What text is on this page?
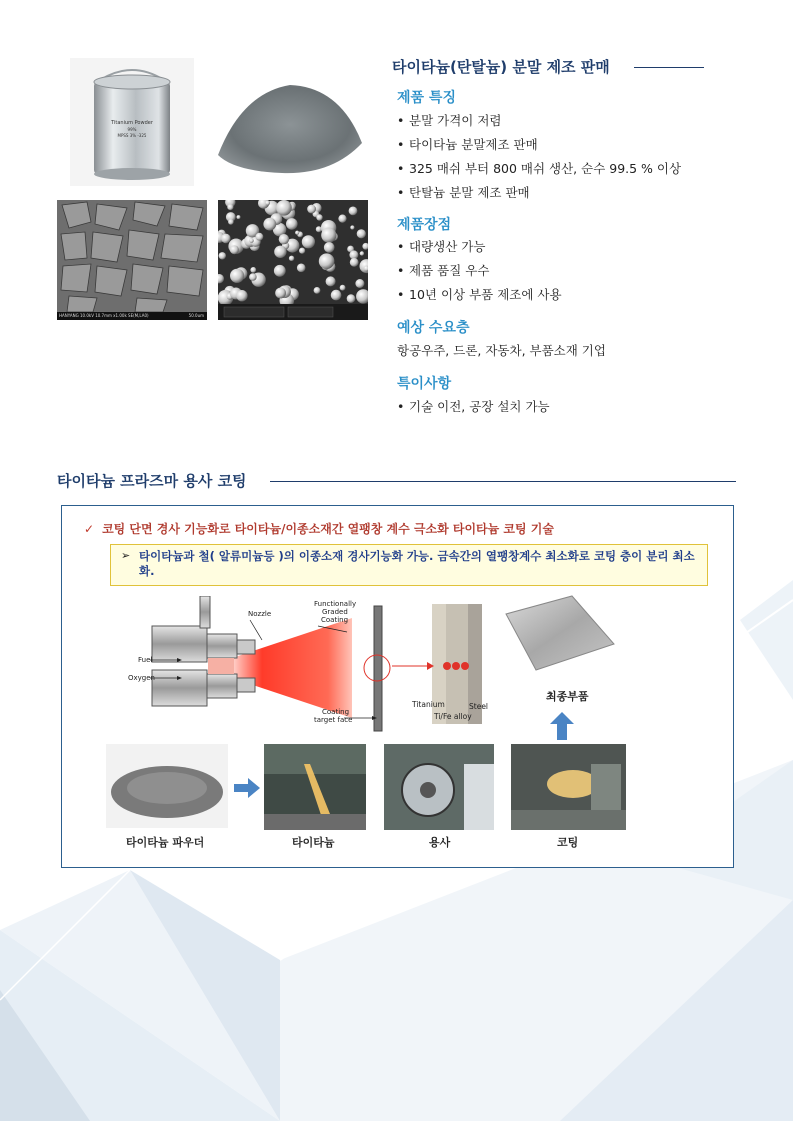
Titanium Powder
99%
MPSS 3% -325
HANYANG 10.0kV 10.7mm x1.00k SE(M,LA0)	50.0um
타이타늄(탄탈늄) 분말 제조 판매
제품 특징
• 분말 가격이 저렴
• 타이타늄 분말제조 판매
• 325 매쉬 부터 800 매쉬 생산, 순수 99.5 % 이상
• 탄탈늄 분말 제조 판매
제품장점
• 대량생산 가능
• 제품 품질 우수
• 10년 이상 부품 제조에 사용
예상 수요층
항공우주, 드론, 자동차, 부품소재 기업
특이사항
• 기술 이전, 공장 설치 가능
타이타늄 프라즈마 용사 코팅
✓ 코팅 단면 경사 기능화로 타이타늄/이종소재간 열팽창 계수 극소화 타이타늄 코팅 기술
➢ 타이타늄과 철( 알류미늄등 )의 이종소재 경사기능화 가능. 금속간의 열팽창계수 최소화로 코팅 층이 분리 최소화.
Nozzle
Functionally
Graded
Coating
Fuel
Oxygen
Coating
target face
Titanium	Steel
Ti/Fe alloy
최종부품
타이타늄 파우더	타이타늄	용사	코팅
